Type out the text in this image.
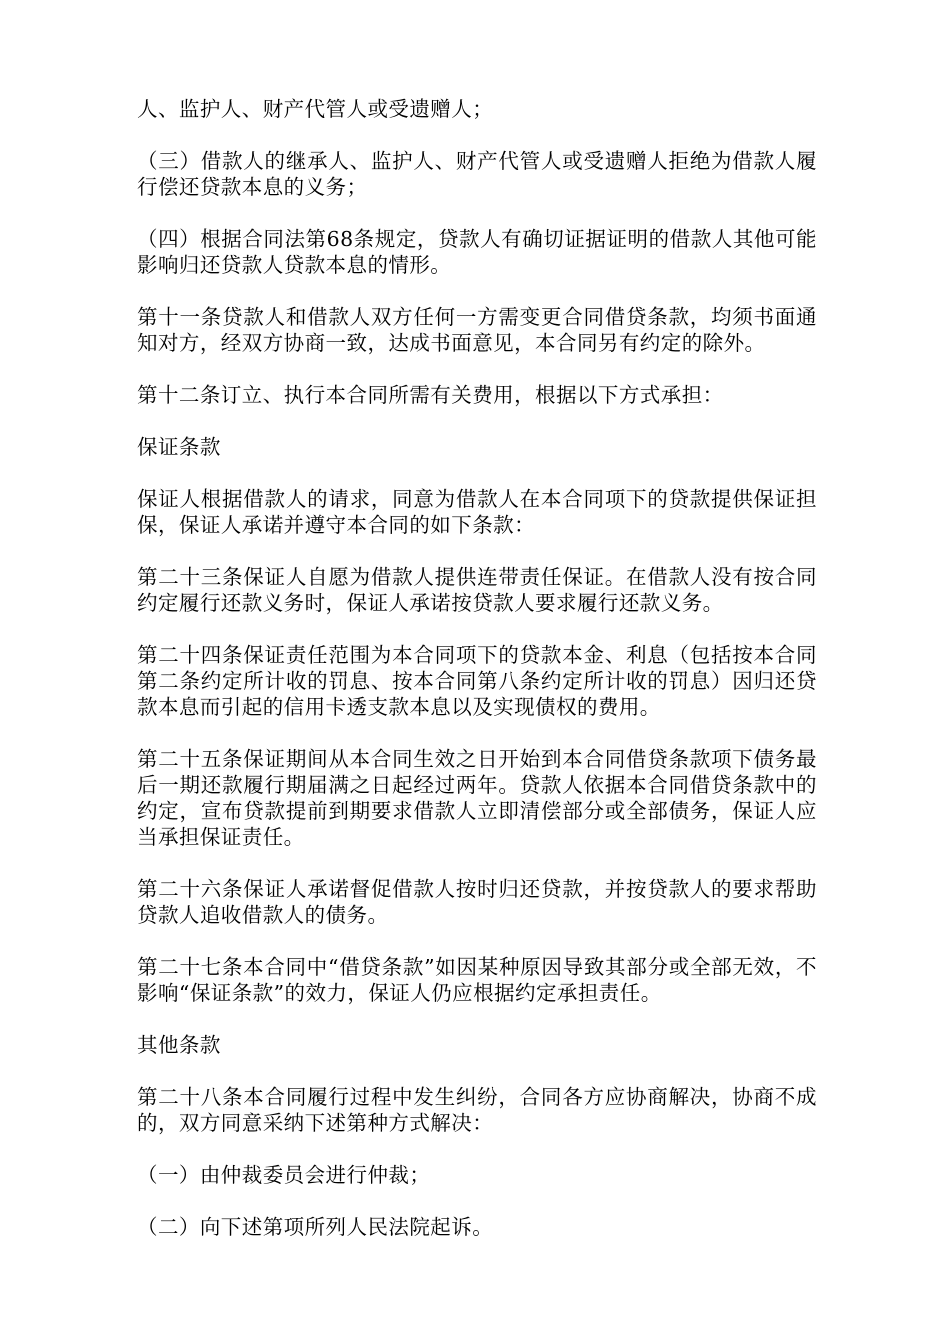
人、监护人、财产代管人或受遗赠人；

（三）借款人的继承人、监护人、财产代管人或受遗赠人拒绝为借款人履行偿还贷款本息的义务；

（四）根据合同法第68条规定，贷款人有确切证据证明的借款人其他可能影响归还贷款人贷款本息的情形。

第十一条贷款人和借款人双方任何一方需变更合同借贷条款，均须书面通知对方，经双方协商一致，达成书面意见，本合同另有约定的除外。

第十二条订立、执行本合同所需有关费用，根据以下方式承担：

保证条款

保证人根据借款人的请求，同意为借款人在本合同项下的贷款提供保证担保，保证人承诺并遵守本合同的如下条款：

第二十三条保证人自愿为借款人提供连带责任保证。在借款人没有按合同约定履行还款义务时，保证人承诺按贷款人要求履行还款义务。

第二十四条保证责任范围为本合同项下的贷款本金、利息（包括按本合同第二条约定所计收的罚息、按本合同第八条约定所计收的罚息）因归还贷款本息而引起的信用卡透支款本息以及实现债权的费用。

第二十五条保证期间从本合同生效之日开始到本合同借贷条款项下债务最后一期还款履行期届满之日起经过两年。贷款人依据本合同借贷条款中的约定，宣布贷款提前到期要求借款人立即清偿部分或全部债务，保证人应当承担保证责任。

第二十六条保证人承诺督促借款人按时归还贷款，并按贷款人的要求帮助贷款人追收借款人的债务。

第二十七条本合同中“借贷条款”如因某种原因导致其部分或全部无效，不影响“保证条款”的效力，保证人仍应根据约定承担责任。

其他条款

第二十八条本合同履行过程中发生纠纷，合同各方应协商解决，协商不成的，双方同意采纳下述第种方式解决：

（一）由仲裁委员会进行仲裁；

（二）向下述第项所列人民法院起诉。
